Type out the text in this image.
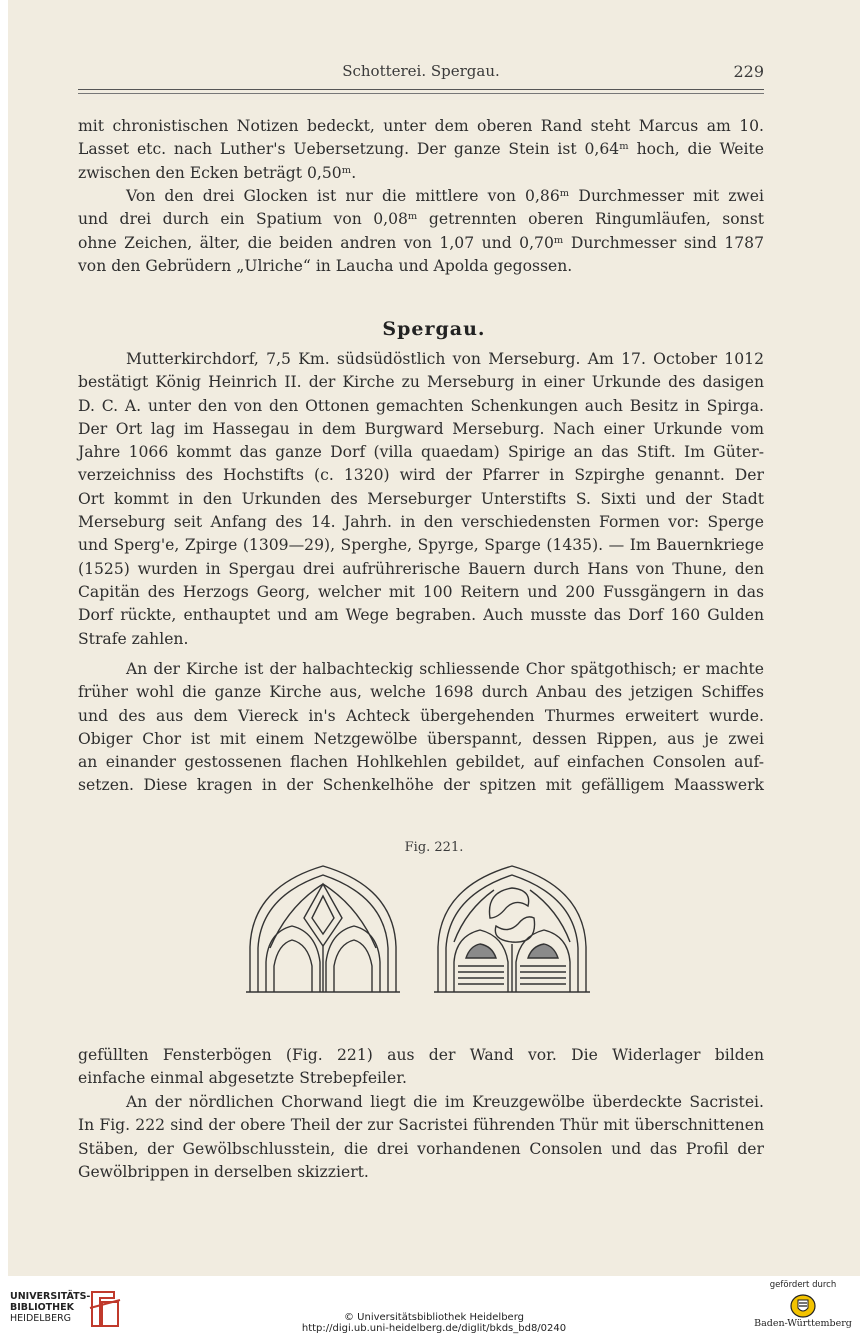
Schotterei. Spergau.	229
mit chronistischen Notizen bedeckt, unter dem oberen Rand steht Marcus am 10.
Lasset etc. nach Luther's Uebersetzung. Der ganze Stein ist 0,64ᵐ hoch, die Weite
zwischen den Ecken beträgt 0,50ᵐ.
Von den drei Glocken ist nur die mittlere von 0,86ᵐ Durchmesser mit zwei
und drei durch ein Spatium von 0,08ᵐ getrennten oberen Ringumläufen, sonst
ohne Zeichen, älter, die beiden andren von 1,07 und 0,70ᵐ Durchmesser sind 1787
von den Gebrüdern „Ulriche“ in Laucha und Apolda gegossen.
Spergau.
Mutterkirchdorf, 7,5 Km. südsüdöstlich von Merseburg. Am 17. October 1012
bestätigt König Heinrich II. der Kirche zu Merseburg in einer Urkunde des dasigen
D. C. A. unter den von den Ottonen gemachten Schenkungen auch Besitz in Spirga.
Der Ort lag im Hassegau in dem Burgward Merseburg. Nach einer Urkunde vom
Jahre 1066 kommt das ganze Dorf (villa quaedam) Spirige an das Stift. Im Güter-
verzeichniss des Hochstifts (c. 1320) wird der Pfarrer in Szpirghe genannt. Der
Ort kommt in den Urkunden des Merseburger Unterstifts S. Sixti und der Stadt
Merseburg seit Anfang des 14. Jahrh. in den verschiedensten Formen vor: Sperge
und Sperg'e, Zpirge (1309—29), Sperghe, Spyrge, Sparge (1435). — Im Bauernkriege
(1525) wurden in Spergau drei aufrührerische Bauern durch Hans von Thune, den
Capitän des Herzogs Georg, welcher mit 100 Reitern und 200 Fussgängern in das
Dorf rückte, enthauptet und am Wege begraben. Auch musste das Dorf 160 Gulden
Strafe zahlen.
An der Kirche ist der halbachteckig schliessende Chor spätgothisch; er machte
früher wohl die ganze Kirche aus, welche 1698 durch Anbau des jetzigen Schiffes
und des aus dem Viereck in's Achteck übergehenden Thurmes erweitert wurde.
Obiger Chor ist mit einem Netzgewölbe überspannt, dessen Rippen, aus je zwei
an einander gestossenen flachen Hohlkehlen gebildet, auf einfachen Consolen auf-
setzen. Diese kragen in der Schenkelhöhe der spitzen mit gefälligem Maasswerk
Fig. 221.
gefüllten Fensterbögen (Fig. 221) aus der Wand vor. Die Widerlager bilden
einfache einmal abgesetzte Strebepfeiler.
An der nördlichen Chorwand liegt die im Kreuzgewölbe überdeckte Sacristei.
In Fig. 222 sind der obere Theil der zur Sacristei führenden Thür mit überschnittenen
Stäben, der Gewölbschlusstein, die drei vorhandenen Consolen und das Profil der
Gewölbrippen in derselben skizziert.
UNIVERSITÄTS-
BIBLIOTHEK
HEIDELBERG	© Universitätsbibliothek Heidelberg
http://digi.ub.uni-heidelberg.de/diglit/bkds_bd8/0240
gefördert durch
Baden-Württemberg
